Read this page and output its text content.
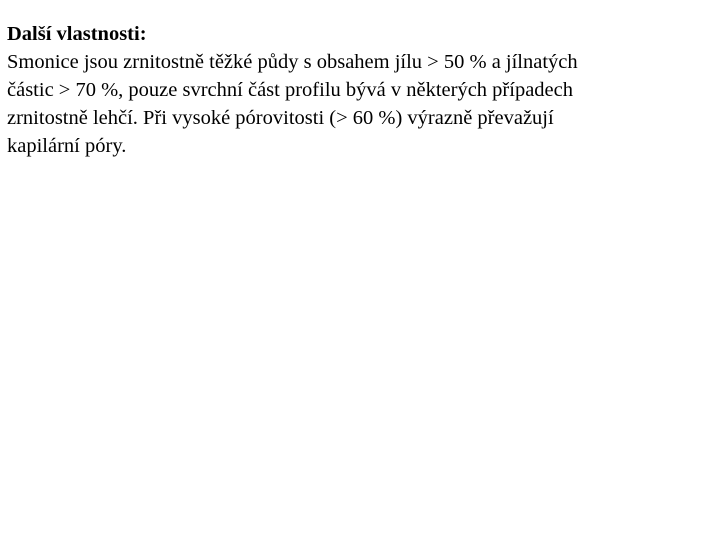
Další vlastnosti:
Smonice jsou zrnitostně těžké půdy s obsahem jílu > 50 % a jílnatých
částic > 70 %, pouze svrchní část profilu bývá v některých případech
zrnitostně lehčí. Při vysoké pórovitosti (> 60 %) výrazně převažují
kapilární póry.
